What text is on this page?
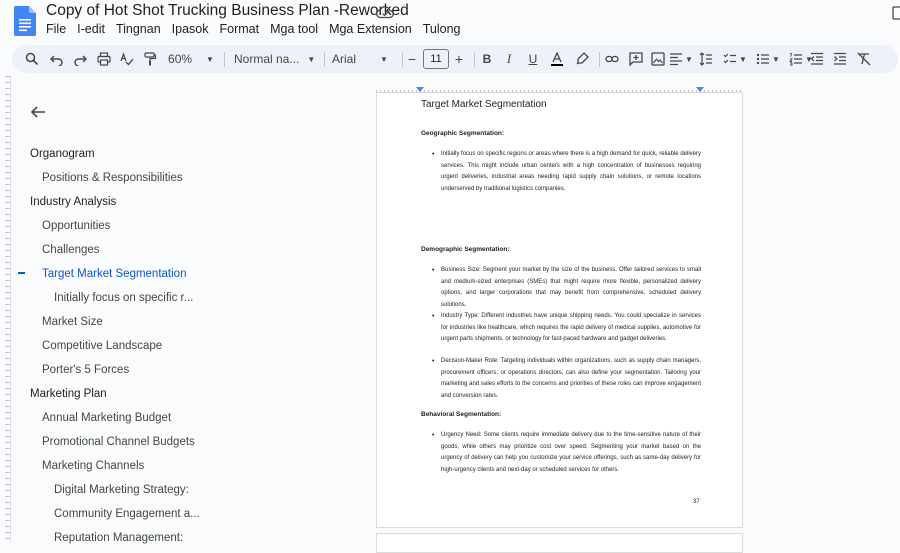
Copy of Hot Shot Trucking Business Plan -Reworked
File I-edit Tingnan Ipasok Format Mga tool Mga Extension Tulong
60% ▼ Normal na... ▼ Arial	▼ −	11 + B I U	▼	▼	▼	▼
Organogram
Positions & Responsibilities
Industry Analysis
Opportunities
Challenges
Target Market Segmentation
Initially focus on specific r...
Market Size
Competitive Landscape
Porter's 5 Forces
Marketing Plan
Annual Marketing Budget
Promotional Channel Budgets
Marketing Channels
Digital Marketing Strategy:
Community Engagement a...
Reputation Management:
Target Market Segmentation
Geographic Segmentation:
• Initially focus on specific regions or areas where there is a high demand for quick, reliable delivery services. This might include urban centers with a high concentration of businesses requiring urgent deliveries, industrial areas needing rapid supply chain solutions, or remote locations underserved by traditional logistics companies.
Demographic Segmentation:
• Business Size: Segment your market by the size of the business. Offer tailored services to small and medium-sized enterprises (SMEs) that might require more flexible, personalized delivery options, and larger corporations that may benefit from comprehensive, scheduled delivery solutions.
• Industry Type: Different industries have unique shipping needs. You could specialize in services for industries like healthcare, which requires the rapid delivery of medical supplies, automotive for urgent parts shipments, or technology for fast-paced hardware and gadget deliveries.
• Decision-Maker Role: Targeting individuals within organizations, such as supply chain managers, procurement officers, or operations directors, can also define your segmentation. Tailoring your marketing and sales efforts to the concerns and priorities of these roles can improve engagement and conversion rates.
Behavioral Segmentation:
• Urgency Need: Some clients require immediate delivery due to the time-sensitive nature of their goods, while others may prioritize cost over speed. Segmenting your market based on the urgency of delivery can help you customize your service offerings, such as same-day delivery for high-urgency clients and next-day or scheduled services for others.
37
